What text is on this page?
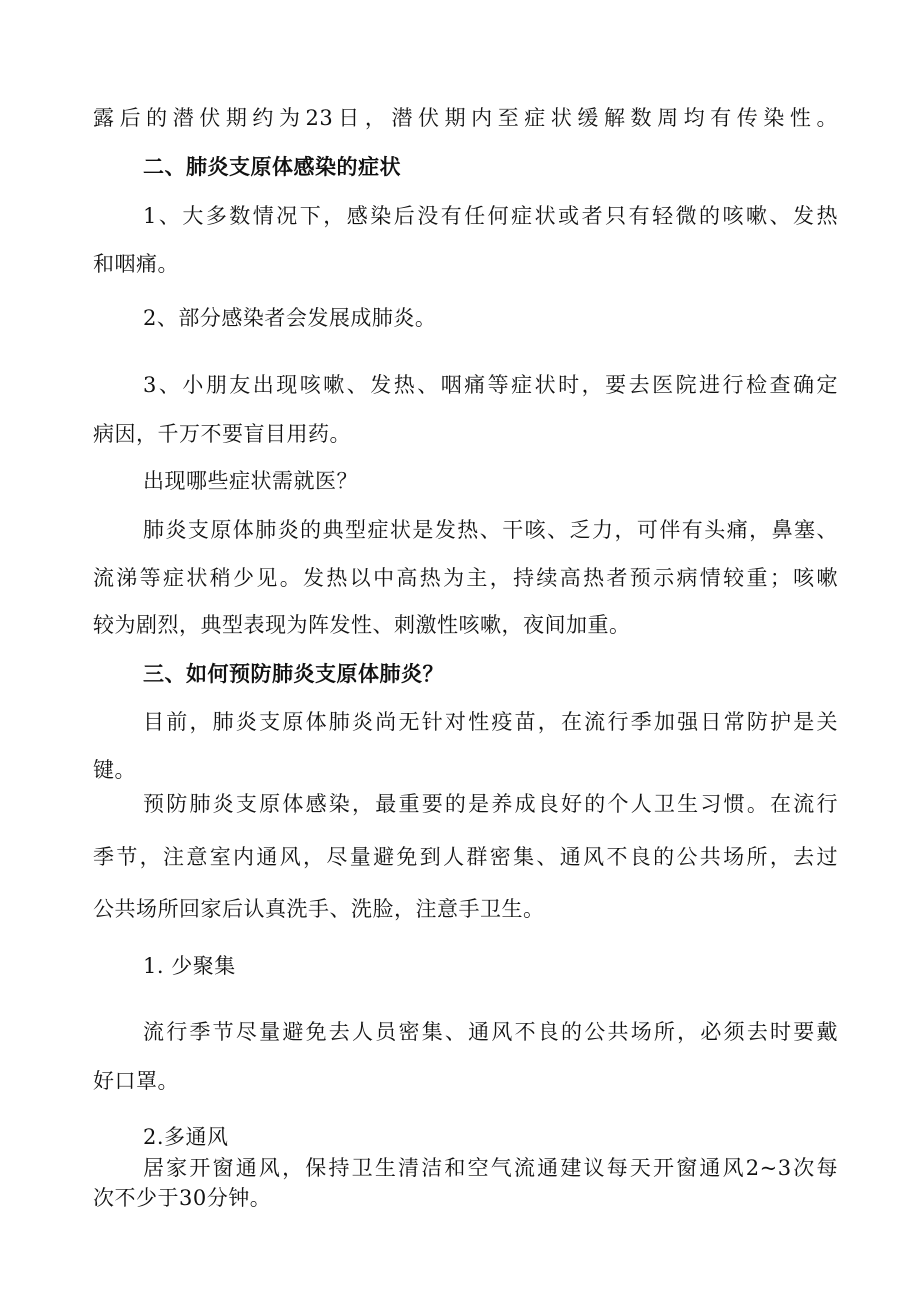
露后的潜伏期约为23日，潜伏期内至症状缓解数周均有传染性。
二、肺炎支原体感染的症状
1、大多数情况下，感染后没有任何症状或者只有轻微的咳嗽、发热
和咽痛。
2、部分感染者会发展成肺炎。
3、小朋友出现咳嗽、发热、咽痛等症状时，要去医院进行检查确定
病因，千万不要盲目用药。
出现哪些症状需就医？
肺炎支原体肺炎的典型症状是发热、干咳、乏力，可伴有头痛，鼻塞、
流涕等症状稍少见。发热以中高热为主，持续高热者预示病情较重；咳嗽
较为剧烈，典型表现为阵发性、刺激性咳嗽，夜间加重。
三、如何预防肺炎支原体肺炎？
目前，肺炎支原体肺炎尚无针对性疫苗，在流行季加强日常防护是关
键。
预防肺炎支原体感染，最重要的是养成良好的个人卫生习惯。在流行
季节，注意室内通风，尽量避免到人群密集、通风不良的公共场所，去过
公共场所回家后认真洗手、洗脸，注意手卫生。
1. 少聚集
流行季节尽量避免去人员密集、通风不良的公共场所，必须去时要戴
好口罩。
2.多通风
居家开窗通风，保持卫生清洁和空气流通建议每天开窗通风2~3次每
次不少于30分钟。
